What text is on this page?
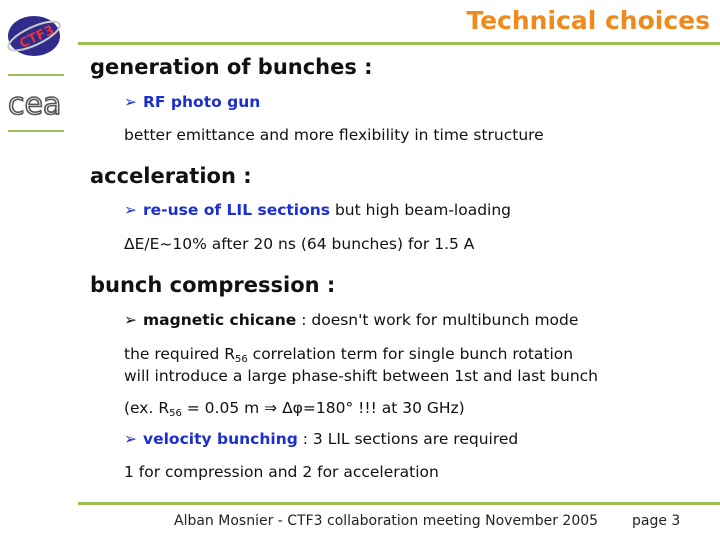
CTF3
cea
Technical choices
generation of bunches :
➢ RF photo gun
better emittance and more flexibility in time structure
acceleration :
➢ re-use of LIL sections but high beam-loading
ΔE/E~10% after 20 ns (64 bunches) for 1.5 A
bunch compression :
➢ magnetic chicane : doesn't work for multibunch mode
the required $R_{56}$ correlation term for single bunch rotation
will introduce a large phase-shift between 1st and last bunch
(ex. $R_{56} = 0.05$ m ⇒ Δφ=180° !!! at 30 GHz)
➢ velocity bunching : 3 LIL sections are required
1 for compression and 2 for acceleration
Alban Mosnier - CTF3 collaboration meeting November 2005 page 3
